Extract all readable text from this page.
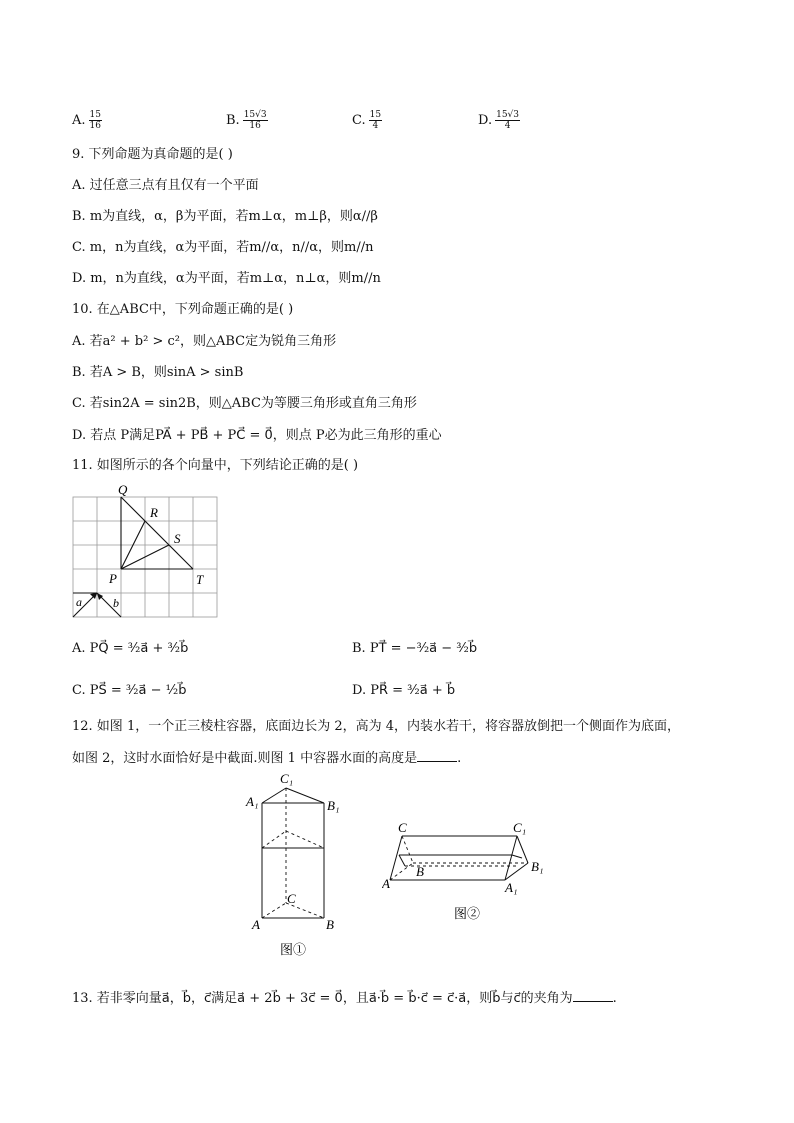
A. $\frac{15}{16}$	B. $\frac{15√3}{16}$	C. $\frac{15}{4}$	D. $\frac{15√3}{4}$
9. 下列命题为真命题的是( )
A. 过任意三点有且仅有一个平面
B. m为直线，α，β为平面，若m⊥α，m⊥β，则α//β
C. m，n为直线，α为平面，若m//α，n//α，则m//n
D. m，n为直线，α为平面，若m⊥α，n⊥α，则m//n
10. 在△ABC中，下列命题正确的是( )
A. 若a² + b² > c²，则△ABC定为锐角三角形
B. 若A > B，则sinA > sinB
C. 若sin2A = sin2B，则△ABC为等腰三角形或直角三角形
D. 若点 P满足PA⃗ + PB⃗ + PC⃗ = 0⃗，则点 P必为此三角形的重心
11. 如图所示的各个向量中，下列结论正确的是( )
Q
R
S
P	T
a	b
A. PQ⃗ = ³⁄₂a⃗ + ³⁄₂b⃗	B. PT⃗ = −³⁄₂a⃗ − ³⁄₂b⃗
C. PS⃗ = ³⁄₂a⃗ − ¹⁄₂b⃗	D. PR⃗ = ³⁄₂a⃗ + b⃗
12. 如图 1，一个正三棱柱容器，底面边长为 2，高为 4，内装水若干，将容器放倒把一个侧面作为底面，
如图 2，这时水面恰好是中截面.则图 1 中容器水面的高度是	.
C₁
A₁	B₁
C
A	B
图①
C	C₁
B₁
B
A	A₁
图②
13. 若非零向量a⃗，b⃗，c⃗满足a⃗ + 2b⃗ + 3c⃗ = 0⃗，且a⃗·b⃗ = b⃗·c⃗ = c⃗·a⃗，则b⃗与c⃗的夹角为	.
